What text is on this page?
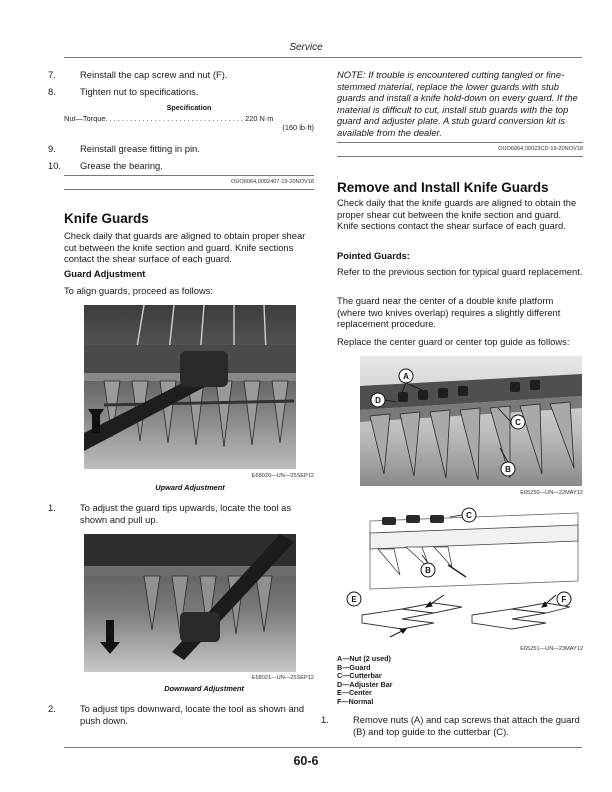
Service
7.	Reinstall the cap screw and nut (F).
8.	Tighten nut to specifications.
Specification
Nut—Torque. . . . . . . . . . . . . . . . . . . . . . . . . . . . . . . . . . 220 N·m
(160 lb·ft)
9.	Reinstall grease fitting in pin.
10. Grease the bearing.
OUO6064,0002407-19-20NOV18
Knife Guards
Check daily that guards are aligned to obtain proper shear cut between the knife section and guard. Knife sections contact the shear surface of each guard.
Guard Adjustment
To align guards, proceed as follows:
E68020—UN—25SEP12
Upward Adjustment
1.	To adjust the guard tips upwards, locate the tool as shown and pull up.
E68021—UN—25SEP12
Downward Adjustment
2.	To adjust tips downward, locate the tool as shown and push down.
NOTE: If trouble is encountered cutting tangled or fine-stemmed material, replace the lower guards with stub guards and install a knife hold-down on every guard. If the material is difficult to cut, install stub guards with the top guard and adjuster plate. A stub guard conversion kit is available from the dealer.
OUO6064,00023CD-19-20NOV18
Remove and Install Knife Guards
Check daily that the knife guards are aligned to obtain the proper shear cut between the knife section and guard. Knife sections contact the shear surface of each guard.
Pointed Guards:
Refer to the previous section for typical guard replacement.
The guard near the center of a double knife platform (where two knives overlap) requires a slightly different replacement procedure.
Replace the center guard or center top guide as follows:
A
D
C
B
E65250—UN—22MAY12
C
B
E	F
E65251—UN—23MAY12
A—Nut (2 used)
B—Guard
C—Cutterbar
D—Adjuster Bar
E—Center
F—Normal
1.	Remove nuts (A) and cap screws that attach the guard (B) and top guide to the cutterbar (C).
60-6
